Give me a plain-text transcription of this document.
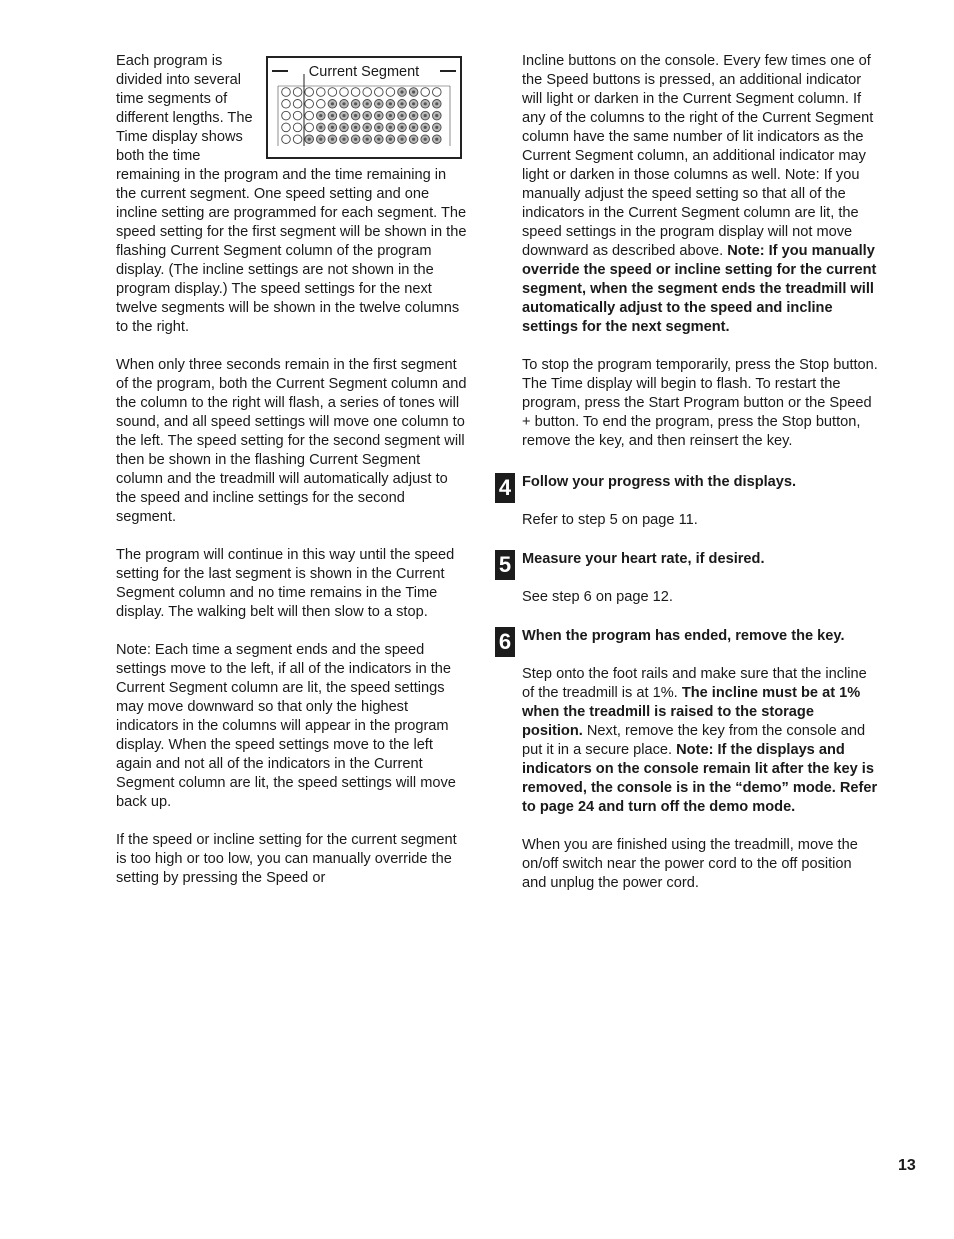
Current Segment
Each program is divided into several time segments of different lengths. The Time display shows both the time remaining in the program and the time remaining in the current segment. One speed setting and one incline setting are programmed for each segment. The speed setting for the first segment will be shown in the flashing Current Segment column of the program display. (The incline settings are not shown in the program display.) The speed settings for the next twelve segments will be shown in the twelve columns to the right.

When only three seconds remain in the first segment of the program, both the Current Segment column and the column to the right will flash, a series of tones will sound, and all speed settings will move one column to the left. The speed setting for the second segment will then be shown in the flashing Current Segment column and the treadmill will automatically adjust to the speed and incline settings for the second segment.

The program will continue in this way until the speed setting for the last segment is shown in the Current Segment column and no time remains in the Time display. The walking belt will then slow to a stop.

Note: Each time a segment ends and the speed settings move to the left, if all of the indicators in the Current Segment column are lit, the speed settings may move downward so that only the highest indicators in the columns will appear in the program display. When the speed settings move to the left again and not all of the indicators in the Current Segment column are lit, the speed settings will move back up.

If the speed or incline setting for the current segment is too high or too low, you can manually override the setting by pressing the Speed or

Incline buttons on the console. Every few times one of the Speed buttons is pressed, an additional indicator will light or darken in the Current Segment column. If any of the columns to the right of the Current Segment column have the same number of lit indicators as the Current Segment column, an additional indicator may light or darken in those columns as well. Note: If you manually adjust the speed setting so that all of the indicators in the Current Segment column are lit, the speed settings in the program display will not move downward as described above. Note: If you manually override the speed or incline setting for the current segment, when the segment ends the treadmill will automatically adjust to the speed and incline settings for the next segment.

To stop the program temporarily, press the Stop button. The Time display will begin to flash. To restart the program, press the Start Program button or the Speed + button. To end the program, press the Stop button, remove the key, and then reinsert the key.

4 Follow your progress with the displays.

Refer to step 5 on page 11.

5 Measure your heart rate, if desired.

See step 6 on page 12.

6 When the program has ended, remove the key.

Step onto the foot rails and make sure that the incline of the treadmill is at 1%. The incline must be at 1% when the treadmill is raised to the storage position. Next, remove the key from the console and put it in a secure place. Note: If the displays and indicators on the console remain lit after the key is removed, the console is in the “demo” mode. Refer to page 24 and turn off the demo mode.

When you are finished using the treadmill, move the on/off switch near the power cord to the off position and unplug the power cord.

13
